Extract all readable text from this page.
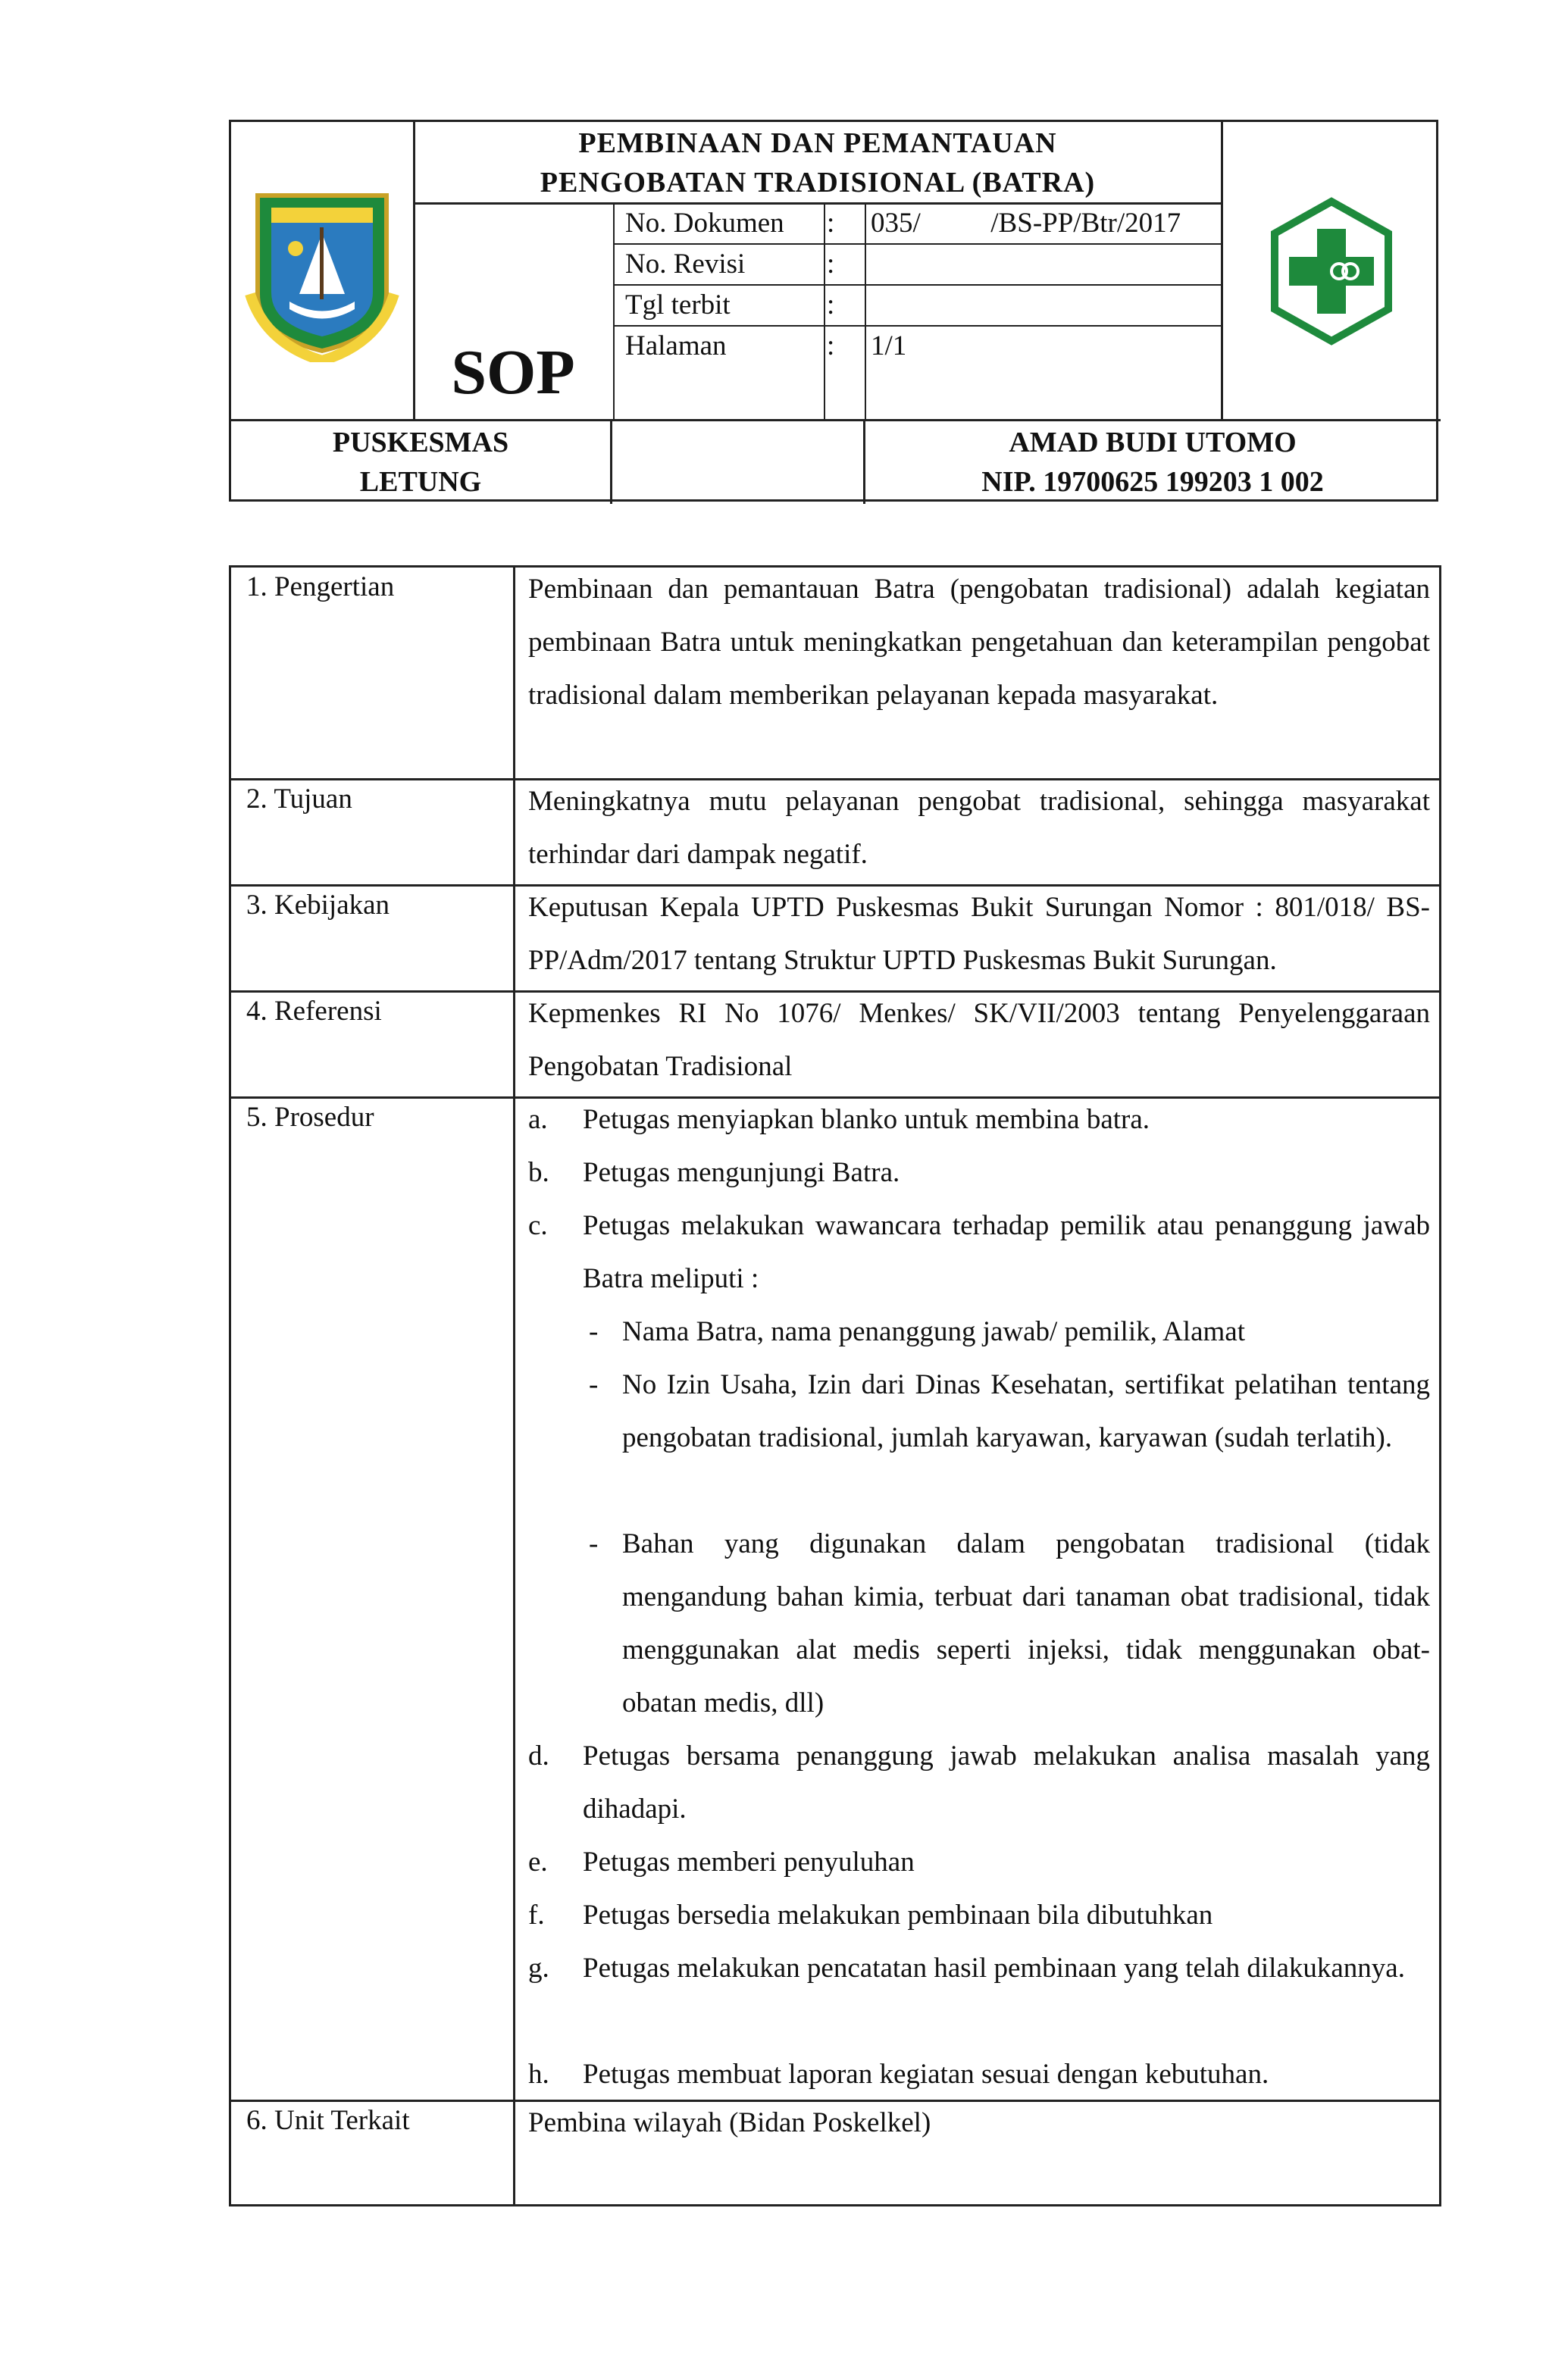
PEMBINAAN DAN PEMANTAUAN
PENGOBATAN TRADISIONAL (BATRA)
SOP
No. Dokumen : 035/          /BS-PP/Btr/2017
No. Revisi	:
Tgl terbit	:
Halaman	: 1/1
PUSKESMAS
LETUNG
AMAD BUDI UTOMO
NIP. 19700625 199203 1 002
1. Pengertian	Pembinaan dan pemantauan Batra (pengobatan tradisional) adalah kegiatan pembinaan Batra untuk meningkatkan pengetahuan dan keterampilan pengobat tradisional dalam memberikan pelayanan kepada masyarakat.

2. Tujuan	Meningkatnya mutu pelayanan pengobat tradisional, sehingga masyarakat terhindar dari dampak negatif.

3. Kebijakan	Keputusan Kepala UPTD Puskesmas Bukit Surungan Nomor : 801/018/ BS-PP/Adm/2017 tentang Struktur UPTD Puskesmas Bukit Surungan.

4. Referensi	Kepmenkes RI No 1076/ Menkes/ SK/VII/2003 tentang Penyelenggaraan Pengobatan Tradisional

5. Prosedur	a. Petugas menyiapkan blanko untuk membina batra.

b. Petugas mengunjungi Batra.

c. Petugas melakukan wawancara terhadap pemilik atau penanggung jawab Batra meliputi :

- Nama Batra, nama penanggung jawab/ pemilik, Alamat

- No Izin Usaha, Izin dari Dinas Kesehatan, sertifikat pelatihan tentang pengobatan tradisional, jumlah karyawan, karyawan (sudah terlatih).

- Bahan yang digunakan dalam pengobatan tradisional (tidak mengandung bahan kimia, terbuat dari tanaman obat tradisional, tidak menggunakan alat medis seperti injeksi, tidak menggunakan obat- obatan medis, dll)

d. Petugas bersama penanggung jawab melakukan analisa masalah yang dihadapi.

e. Petugas memberi penyuluhan

f. Petugas bersedia melakukan pembinaan bila dibutuhkan

g. Petugas melakukan pencatatan hasil pembinaan yang telah dilakukannya.

h. Petugas membuat laporan kegiatan sesuai dengan kebutuhan.

6. Unit Terkait	Pembina wilayah (Bidan Poskelkel)
